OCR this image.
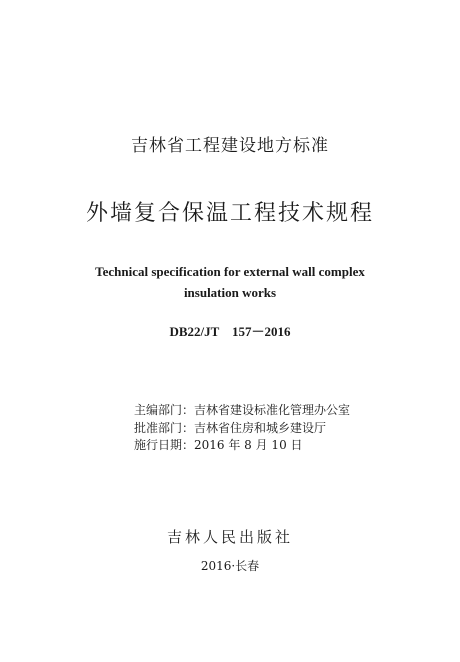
吉林省工程建设地方标准
外墙复合保温工程技术规程
Technical specification for external wall complex
insulation works
DB22/JT　157－2016
主编部门：吉林省建设标准化管理办公室
批准部门：吉林省住房和城乡建设厅
施行日期：2016 年 8 月 10 日
吉林人民出版社
2016·长春
